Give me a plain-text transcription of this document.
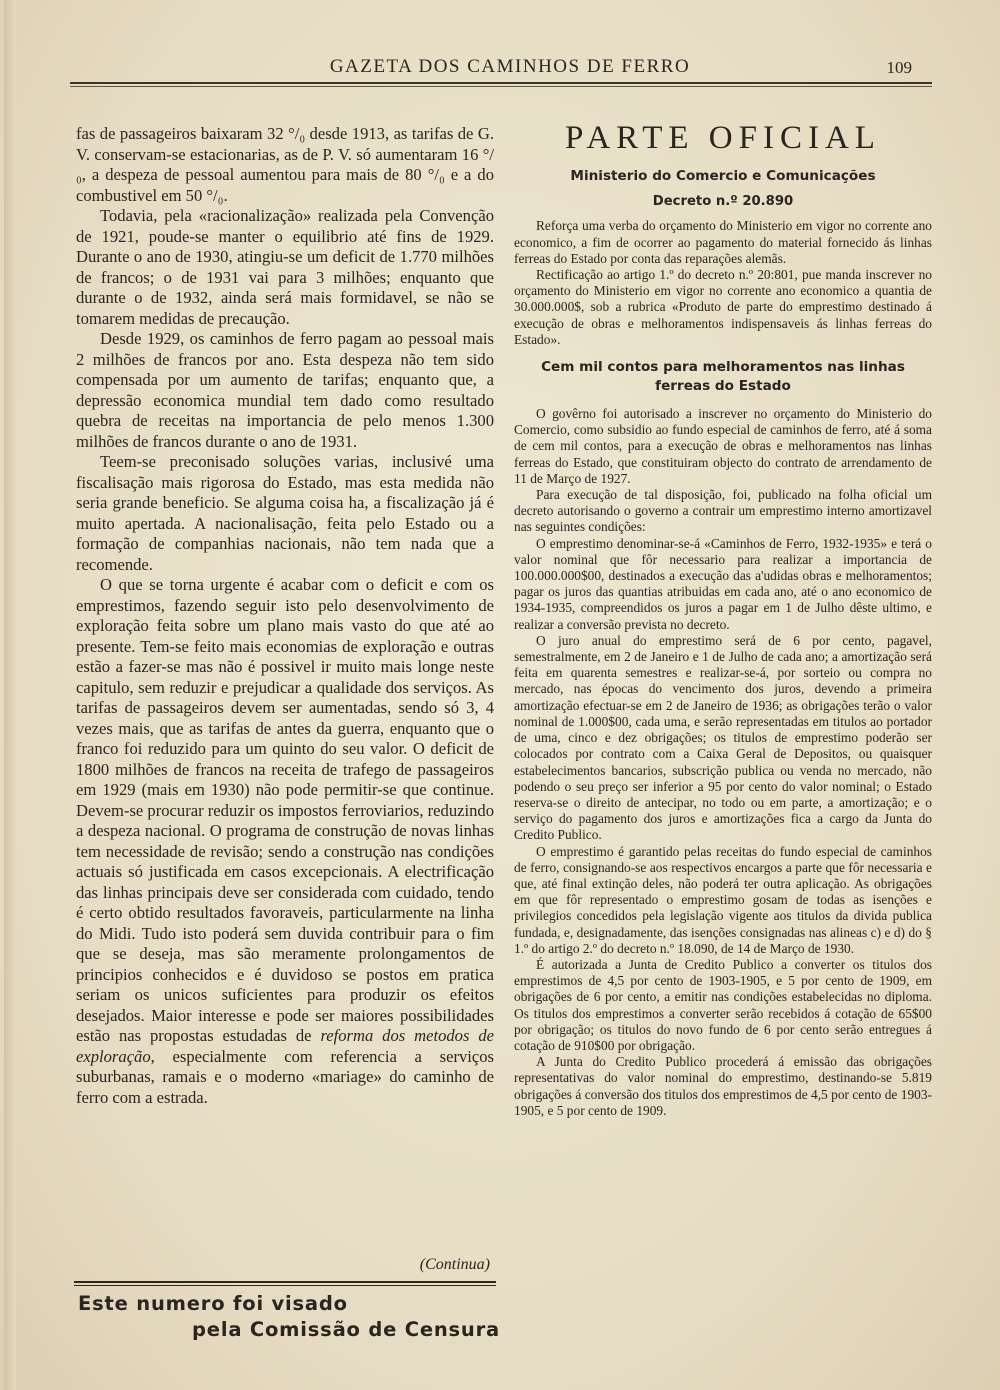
GAZETA DOS CAMINHOS DE FERRO	109

fas de passageiros baixaram 32 °/₀ desde 1913, as tarifas de G. V. conservam-se estacionarias, as de P. V. só aumentaram 16 °/₀, a despeza de pessoal aumentou para mais de 80 °/₀ e a do combustivel em 50 °/₀.

Todavia, pela «racionalização» realizada pela Convenção de 1921, poude-se manter o equilibrio até fins de 1929. Durante o ano de 1930, atingiu-se um deficit de 1.770 milhões de francos; o de 1931 vai para 3 milhões; enquanto que durante o de 1932, ainda será mais formidavel, se não se tomarem medidas de precaução.

Desde 1929, os caminhos de ferro pagam ao pessoal mais 2 milhões de francos por ano. Esta despeza não tem sido compensada por um aumento de tarifas; enquanto que, a depressão economica mundial tem dado como resultado quebra de receitas na importancia de pelo menos 1.300 milhões de francos durante o ano de 1931.

Teem-se preconisado soluções varias, inclusivé uma fiscalisação mais rigorosa do Estado, mas esta medida não seria grande beneficio. Se alguma coisa ha, a fiscalização já é muito apertada. A nacionalisação, feita pelo Estado ou a formação de companhias nacionais, não tem nada que a recomende.

O que se torna urgente é acabar com o deficit e com os emprestimos, fazendo seguir isto pelo desenvolvimento de exploração feita sobre um plano mais vasto do que até ao presente. Tem-se feito mais economias de exploração e outras estão a fazer-se mas não é possivel ir muito mais longe neste capitulo, sem reduzir e prejudicar a qualidade dos serviços. As tarifas de passageiros devem ser aumentadas, sendo só 3, 4 vezes mais, que as tarifas de antes da guerra, enquanto que o franco foi reduzido para um quinto do seu valor. O deficit de 1800 milhões de francos na receita de trafego de passageiros em 1929 (mais em 1930) não pode permitir-se que continue. Devem-se procurar reduzir os impostos ferroviarios, reduzindo a despeza nacional. O programa de construção de novas linhas tem necessidade de revisão; sendo a construção nas condições actuais só justificada em casos excepcionais. A electrificação das linhas principais deve ser considerada com cuidado, tendo é certo obtido resultados favoraveis, particularmente na linha do Midi. Tudo isto poderá sem duvida contribuir para o fim que se deseja, mas são meramente prolongamentos de principios conhecidos e é duvidoso se postos em pratica seriam os unicos suficientes para produzir os efeitos desejados. Maior interesse e pode ser maiores possibilidades estão nas propostas estudadas de reforma dos metodos de exploração, especialmente com referencia a serviços suburbanas, ramais e o moderno «mariage» do caminho de ferro com a estrada.

(Continua)
Este numero foi visado
pela Comissão de Censura
PARTE OFICIAL
Ministerio do Comercio e Comunicações
Decreto n.º 20.890

Reforça uma verba do orçamento do Ministerio em vigor no corrente ano economico, a fim de ocorrer ao pagamento do material fornecido ás linhas ferreas do Estado por conta das reparações alemãs.

Rectificação ao artigo 1.º do decreto n.º 20:801, pue manda inscrever no orçamento do Ministerio em vigor no corrente ano economico a quantia de 30.000.000$, sob a rubrica «Produto de parte do emprestimo destinado á execução de obras e melhoramentos indispensaveis ás linhas ferreas do Estado».

Cem mil contos para melhoramentos nas linhas ferreas do Estado

O govêrno foi autorisado a inscrever no orçamento do Ministerio do Comercio, como subsidio ao fundo especial de caminhos de ferro, até á soma de cem mil contos, para a execução de obras e melhoramentos nas linhas ferreas do Estado, que constituiram objecto do contrato de arrendamento de 11 de Março de 1927.

Para execução de tal disposição, foi, publicado na folha oficial um decreto autorisando o governo a contrair um emprestimo interno amortizavel nas seguintes condições:

O emprestimo denominar-se-á «Caminhos de Ferro, 1932-1935» e terá o valor nominal que fôr necessario para realizar a importancia de 100.000.000$00, destinados a execução das a'udidas obras e melhoramentos; pagar os juros das quantias atribuidas em cada ano, até o ano economico de 1934-1935, compreendidos os juros a pagar em 1 de Julho dêste ultimo, e realizar a conversão prevista no decreto.

O juro anual do emprestimo será de 6 por cento, pagavel, semestralmente, em 2 de Janeiro e 1 de Julho de cada ano; a amortização será feita em quarenta semestres e realizar-se-á, por sorteio ou compra no mercado, nas épocas do vencimento dos juros, devendo a primeira amortização efectuar-se em 2 de Janeiro de 1936; as obrigações terão o valor nominal de 1.000$00, cada uma, e serão representadas em titulos ao portador de uma, cinco e dez obrigações; os titulos de emprestimo poderão ser colocados por contrato com a Caixa Geral de Depositos, ou quaisquer estabelecimentos bancarios, subscrição publica ou venda no mercado, não podendo o seu preço ser inferior a 95 por cento do valor nominal; o Estado reserva-se o direito de antecipar, no todo ou em parte, a amortização; e o serviço do pagamento dos juros e amortizações fica a cargo da Junta do Credito Publico.

O emprestimo é garantido pelas receitas do fundo especial de caminhos de ferro, consignando-se aos respectivos encargos a parte que fôr necessaria e que, até final extinção deles, não poderá ter outra aplicação. As obrigações em que fôr representado o emprestimo gosam de todas as isenções e privilegios concedidos pela legislação vigente aos titulos da divida publica fundada, e, designadamente, das isenções consignadas nas alineas c) e d) do § 1.º do artigo 2.º do decreto n.º 18.090, de 14 de Março de 1930.

É autorizada a Junta de Credito Publico a converter os titulos dos emprestimos de 4,5 por cento de 1903-1905, e 5 por cento de 1909, em obrigações de 6 por cento, a emitir nas condições estabelecidas no diploma. Os titulos dos emprestimos a converter serão recebidos á cotação de 65$00 por obrigação; os titulos do novo fundo de 6 por cento serão entregues á cotação de 910$00 por obrigação.

A Junta do Credito Publico procederá á emissão das obrigações representativas do valor nominal do emprestimo, destinando-se 5.819 obrigações á conversão dos titulos dos emprestimos de 4,5 por cento de 1903-1905, e 5 por cento de 1909.
